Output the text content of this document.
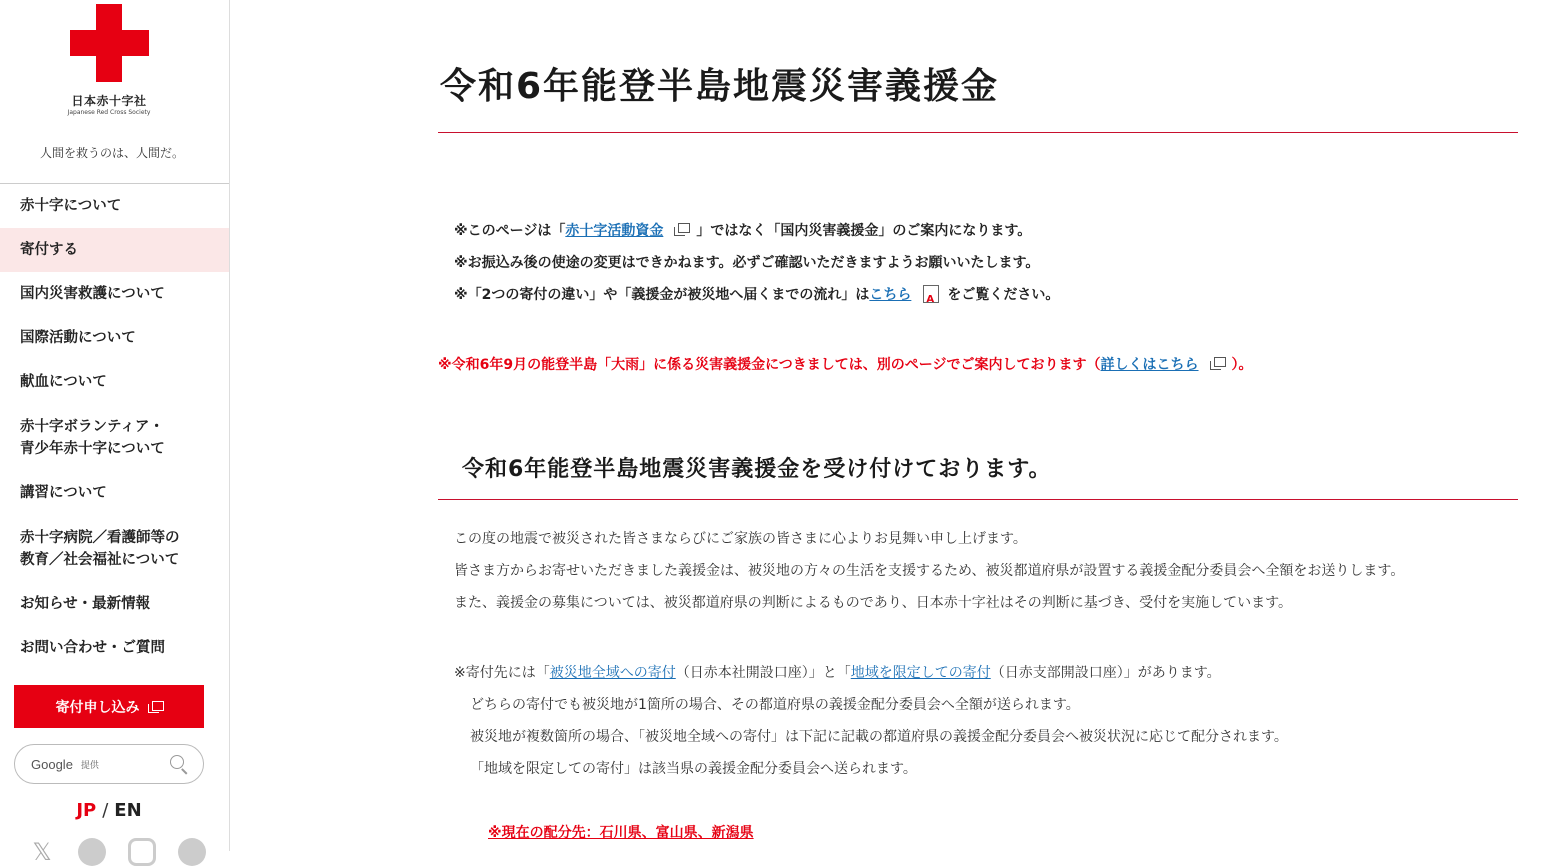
日本赤十字社
Japanese Red Cross Society
人間を救うのは、人間だ。
赤十字について
寄付する
国内災害救護について
国際活動について
献血について
赤十字ボランティア・
青少年赤十字について
講習について
赤十字病院／看護師等の
教育／社会福祉について
お知らせ・最新情報
お問い合わせ・ご質問
寄付申し込み
Google 提供
JP / EN
𝕏
令和6年能登半島地震災害義援金

※このページは「赤十字活動資金 」ではなく「国内災害義援金」のご案内になります。

※お振込み後の使途の変更はできかねます。必ずご確認いただきますようお願いいたします。

※「2つの寄付の違い」や「義援金が被災地へ届くまでの流れ」はこちらA	をご覧ください。

※令和6年9月の能登半島「大雨」に係る災害義援金につきましては、別のページでご案内しております（詳しくはこちら ）。
令和6年能登半島地震災害義援金を受け付けております。

この度の地震で被災された皆さまならびにご家族の皆さまに心よりお見舞い申し上げます。

皆さま方からお寄せいただきました義援金は、被災地の方々の生活を支援するため、被災都道府県が設置する義援金配分委員会へ全額をお送りします。

また、義援金の募集については、被災都道府県の判断によるものであり、日本赤十字社はその判断に基づき、受付を実施しています。

※寄付先には「被災地全域への寄付（日赤本社開設口座）」と「地域を限定しての寄付（日赤支部開設口座）」があります。

どちらの寄付でも被災地が1箇所の場合、その都道府県の義援金配分委員会へ全額が送られます。

被災地が複数箇所の場合、「被災地全域への寄付」は下記に記載の都道府県の義援金配分委員会へ被災状況に応じて配分されます。

「地域を限定しての寄付」は該当県の義援金配分委員会へ送られます。

※現在の配分先：石川県、富山県、新潟県
